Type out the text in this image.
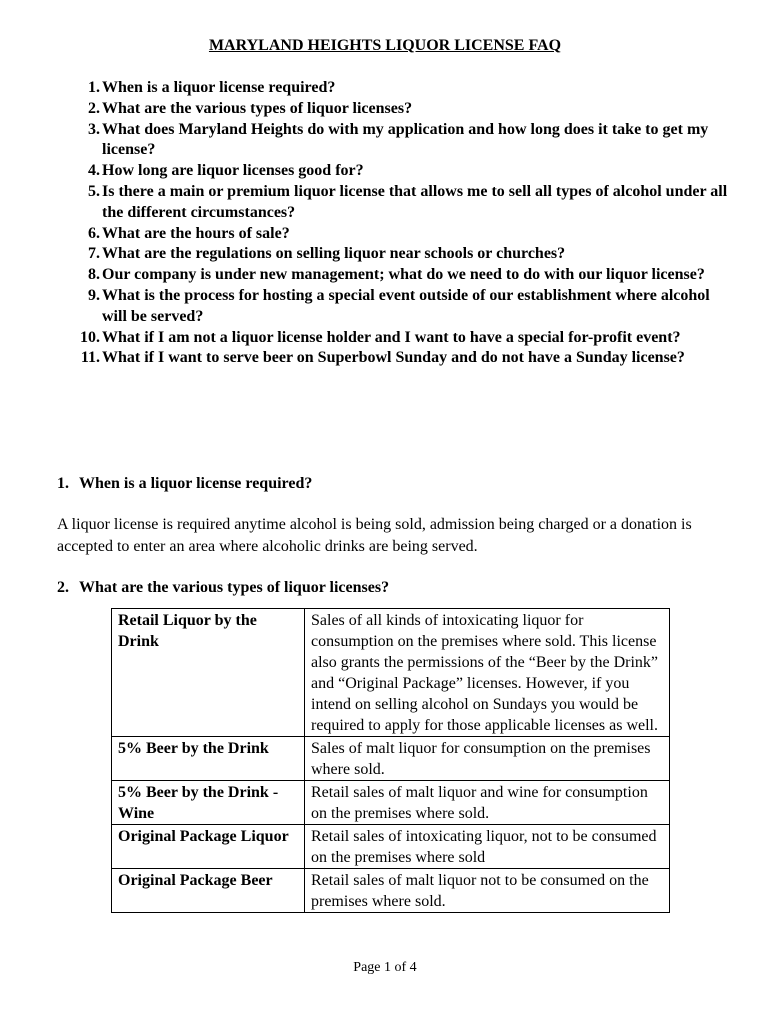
MARYLAND HEIGHTS LIQUOR LICENSE FAQ
1. When is a liquor license required?
2. What are the various types of liquor licenses?
3. What does Maryland Heights do with my application and how long does it take to get my license?
4. How long are liquor licenses good for?
5. Is there a main or premium liquor license that allows me to sell all types of alcohol under all the different circumstances?
6. What are the hours of sale?
7. What are the regulations on selling liquor near schools or churches?
8. Our company is under new management; what do we need to do with our liquor license?
9. What is the process for hosting a special event outside of our establishment where alcohol will be served?
10. What if I am not a liquor license holder and I want to have a special for-profit event?
11. What if I want to serve beer on Superbowl Sunday and do not have a Sunday license?
1. When is a liquor license required?
A liquor license is required anytime alcohol is being sold, admission being charged or a donation is accepted to enter an area where alcoholic drinks are being served.
2. What are the various types of liquor licenses?
Retail Liquor by the Drink	Sales of all kinds of intoxicating liquor for consumption on the premises where sold. This license also grants the permissions of the “Beer by the Drink” and “Original Package” licenses. However, if you intend on selling alcohol on Sundays you would be required to apply for those applicable licenses as well.
5% Beer by the Drink	Sales of malt liquor for consumption on the premises where sold.
5% Beer by the Drink - Wine	Retail sales of malt liquor and wine for consumption on the premises where sold.
Original Package Liquor	Retail sales of intoxicating liquor, not to be consumed on the premises where sold
Original Package Beer	Retail sales of malt liquor not to be consumed on the premises where sold.
Page 1 of 4
